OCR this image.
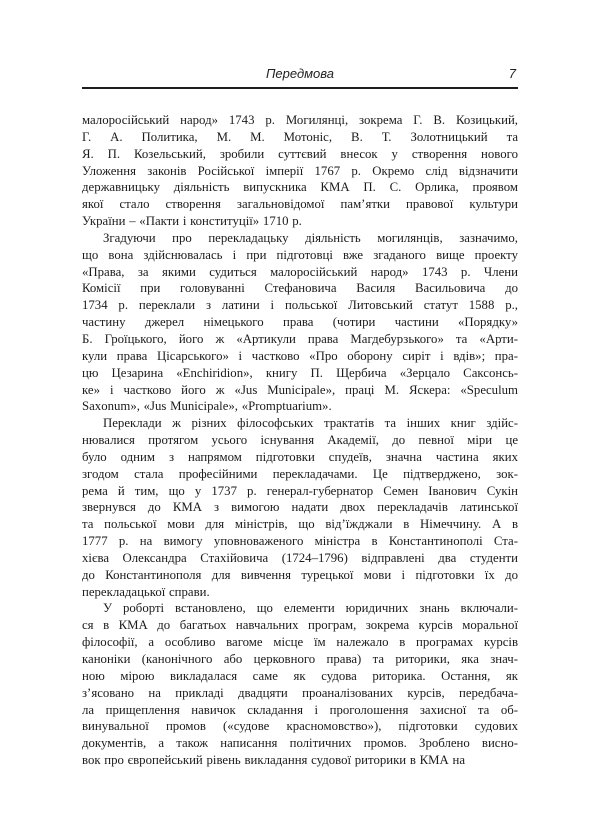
Передмова	7
малоросійський народ» 1743 р. Могилянці, зокрема Г. В. Козицький,
Г. А. Политика, М. М. Мотоніс, В. Т. Золотницький та
Я. П. Козельський, зробили суттєвий внесок у створення нового
Уложення законів Російської імперії 1767 р. Окремо слід відзначити
державницьку діяльність випускника КМА П. С. Орлика, проявом
якої стало створення загальновідомої пам’ятки правової культури
України – «Пакти і конституції» 1710 р.
Згадуючи про перекладацьку діяльність могилянців, зазначимо,
що вона здійснювалась і при підготовці вже згаданого вище проекту
«Права, за якими судиться малоросійський народ» 1743 р. Члени
Комісії при головуванні Стефановича Василя Васильовича до
1734 р. переклали з латини і польської Литовський статут 1588 р.,
частину джерел німецького права (чотири частини «Порядку»
Б. Гроїцького, його ж «Артикули права Магдебурзького» та «Арти-
кули права Цісарського» і частково «Про оборону сиріт і вдів»; пра-
цю Цезарина «Enchiridion», книгу П. Щербича «Зерцало Саксонсь-
ке» і частково його ж «Jus Municipale», праці М. Яскера: «Speculum
Saxonum», «Jus Municipale», «Promptuarium».
Переклади ж різних філософських трактатів та інших книг здійс-
нювалися протягом усього існування Академії, до певної міри це
було одним з напрямом підготовки спудеїв, значна частина яких
згодом стала професійними перекладачами. Це підтверджено, зок-
рема й тим, що у 1737 р. генерал-губернатор Семен Іванович Сукін
звернувся до КМА з вимогою надати двох перекладачів латинської
та польської мови для міністрів, що від’їжджали в Німеччину. А в
1777 р. на вимогу уповноваженого міністра в Константинополі Ста-
хієва Олександра Стахійовича (1724–1796) відправлені два студенти
до Константинополя для вивчення турецької мови і підготовки їх до
перекладацької справи.
У роборті встановлено, що елементи юридичних знань включали-
ся в КМА до багатьох навчальних програм, зокрема курсів моральної
філософії, а особливо вагоме місце їм належало в програмах курсів
каноніки (канонічного або церковного права) та риторики, яка знач-
ною мірою викладалася саме як судова риторика. Остання, як
з’ясовано на прикладі двадцяти проаналізованих курсів, передбача-
ла прищеплення навичок складання і проголошення захисної та об-
винувальної промов («судове красномовство»), підготовки судових
документів, а також написання політичних промов. Зроблено висно-
вок про європейський рівень викладання судової риторики в КМА на
